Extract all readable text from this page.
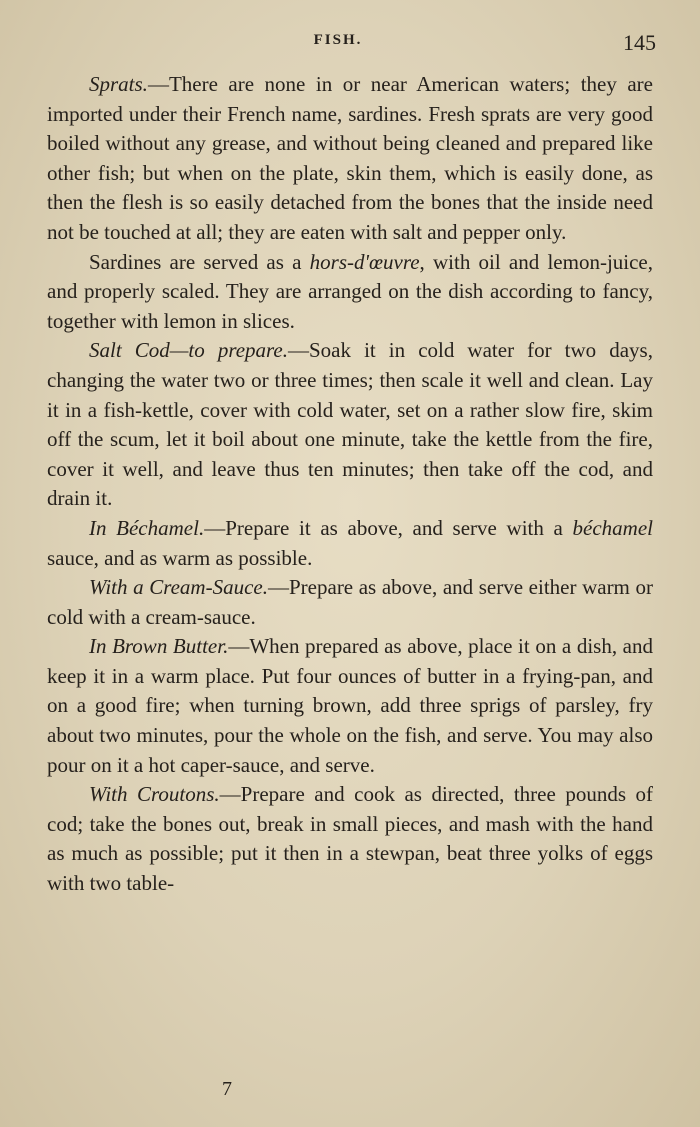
FISH.	145

Sprats.—There are none in or near American waters; they are imported under their French name, sardines. Fresh sprats are very good boiled without any grease, and without being cleaned and prepared like other fish; but when on the plate, skin them, which is easily done, as then the flesh is so easily detached from the bones that the inside need not be touched at all; they are eaten with salt and pepper only.

Sardines are served as a hors-d'œuvre, with oil and lemon-juice, and properly scaled. They are arranged on the dish according to fancy, together with lemon in slices.

Salt Cod—to prepare.—Soak it in cold water for two days, changing the water two or three times; then scale it well and clean. Lay it in a fish-kettle, cover with cold water, set on a rather slow fire, skim off the scum, let it boil about one minute, take the kettle from the fire, cover it well, and leave thus ten minutes; then take off the cod, and drain it.

In Béchamel.—Prepare it as above, and serve with a béchamel sauce, and as warm as possible.

With a Cream-Sauce.—Prepare as above, and serve either warm or cold with a cream-sauce.

In Brown Butter.—When prepared as above, place it on a dish, and keep it in a warm place. Put four ounces of butter in a frying-pan, and on a good fire; when turning brown, add three sprigs of parsley, fry about two minutes, pour the whole on the fish, and serve. You may also pour on it a hot caper-sauce, and serve.

With Croutons.—Prepare and cook as directed, three pounds of cod; take the bones out, break in small pieces, and mash with the hand as much as possible; put it then in a stewpan, beat three yolks of eggs with two table-

7
